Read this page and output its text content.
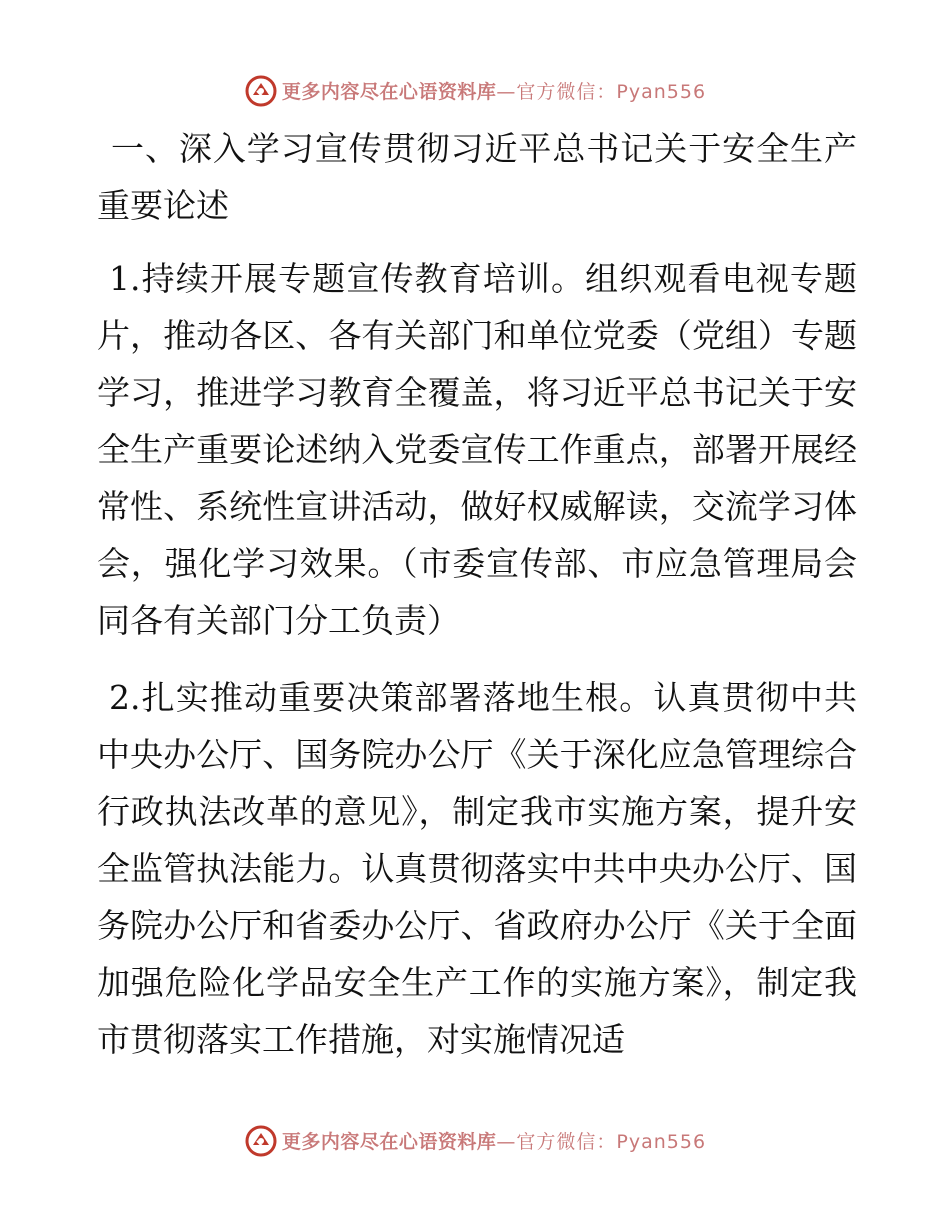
更多内容尽在心语资料库 —官方微信：Pyan556

一、深入学习宣传贯彻习近平总书记关于安全生产重要论述

1.持续开展专题宣传教育培训。组织观看电视专题片，推动各区、各有关部门和单位党委（党组）专题学习，推进学习教育全覆盖，将习近平总书记关于安全生产重要论述纳入党委宣传工作重点，部署开展经常性、系统性宣讲活动，做好权威解读，交流学习体会，强化学习效果。（市委宣传部、市应急管理局会同各有关部门分工负责）

2.扎实推动重要决策部署落地生根。认真贯彻中共中央办公厅、国务院办公厅《关于深化应急管理综合行政执法改革的意见》，制定我市实施方案，提升安全监管执法能力。认真贯彻落实中共中央办公厅、国务院办公厅和省委办公厅、省政府办公厅《关于全面加强危险化学品安全生产工作的实施方案》，制定我市贯彻落实工作措施，对实施情况适

更多内容尽在心语资料库 —官方微信：Pyan556
